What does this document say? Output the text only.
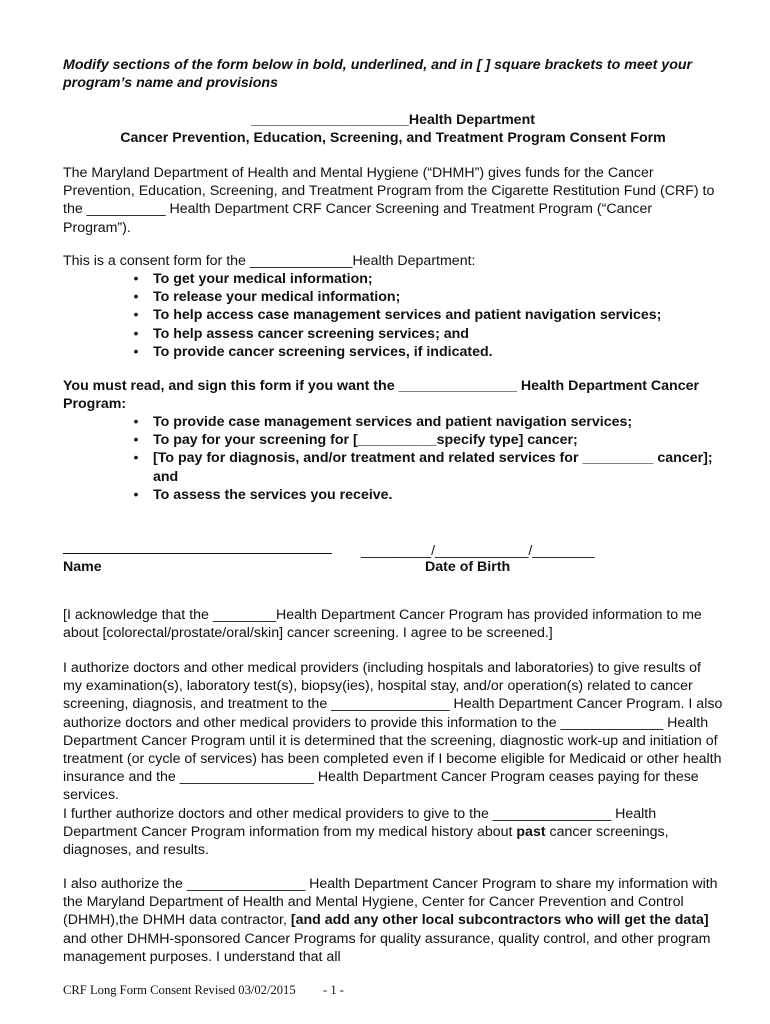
Modify sections of the form below in bold, underlined, and in [ ] square brackets to meet your program’s name and provisions
____________________Health Department
Cancer Prevention, Education, Screening, and Treatment Program Consent Form
The Maryland Department of Health and Mental Hygiene (“DHMH”) gives funds for the Cancer Prevention, Education, Screening, and Treatment Program from the Cigarette Restitution Fund (CRF) to the __________ Health Department CRF Cancer Screening and Treatment Program (“Cancer Program”).
This is a consent form for the _____________Health Department:
• To get your medical information;
• To release your medical information;
• To help access case management services and patient navigation services;
• To help assess cancer screening services; and
• To provide cancer screening services, if indicated.
You must read, and sign this form if you want the _______________ Health Department Cancer Program:
• To provide case management services and patient navigation services;
• To pay for your screening for [__________specify type] cancer;
• [To pay for diagnosis, and/or treatment and related services for _________ cancer]; and
• To assess the services you receive.
_________/____________/________
Name	Date of Birth
[I acknowledge that the ________Health Department Cancer Program has provided information to me about [colorectal/prostate/oral/skin] cancer screening. I agree to be screened.]
I authorize doctors and other medical providers (including hospitals and laboratories) to give results of my examination(s), laboratory test(s), biopsy(ies), hospital stay, and/or operation(s) related to cancer screening, diagnosis, and treatment to the _______________ Health Department Cancer Program. I also authorize doctors and other medical providers to provide this information to the _____________ Health Department Cancer Program until it is determined that the screening, diagnostic work-up and initiation of treatment (or cycle of services) has been completed even if I become eligible for Medicaid or other health insurance and the _________________ Health Department Cancer Program ceases paying for these services.
I further authorize doctors and other medical providers to give to the _______________ Health Department Cancer Program information from my medical history about past cancer screenings, diagnoses, and results.
I also authorize the _______________ Health Department Cancer Program to share my information with the Maryland Department of Health and Mental Hygiene, Center for Cancer Prevention and Control (DHMH),the DHMH data contractor, [and add any other local subcontractors who will get the data] and other DHMH-sponsored Cancer Programs for quality assurance, quality control, and other program management purposes. I understand that all
CRF Long Form Consent Revised 03/02/2015 - 1 -
